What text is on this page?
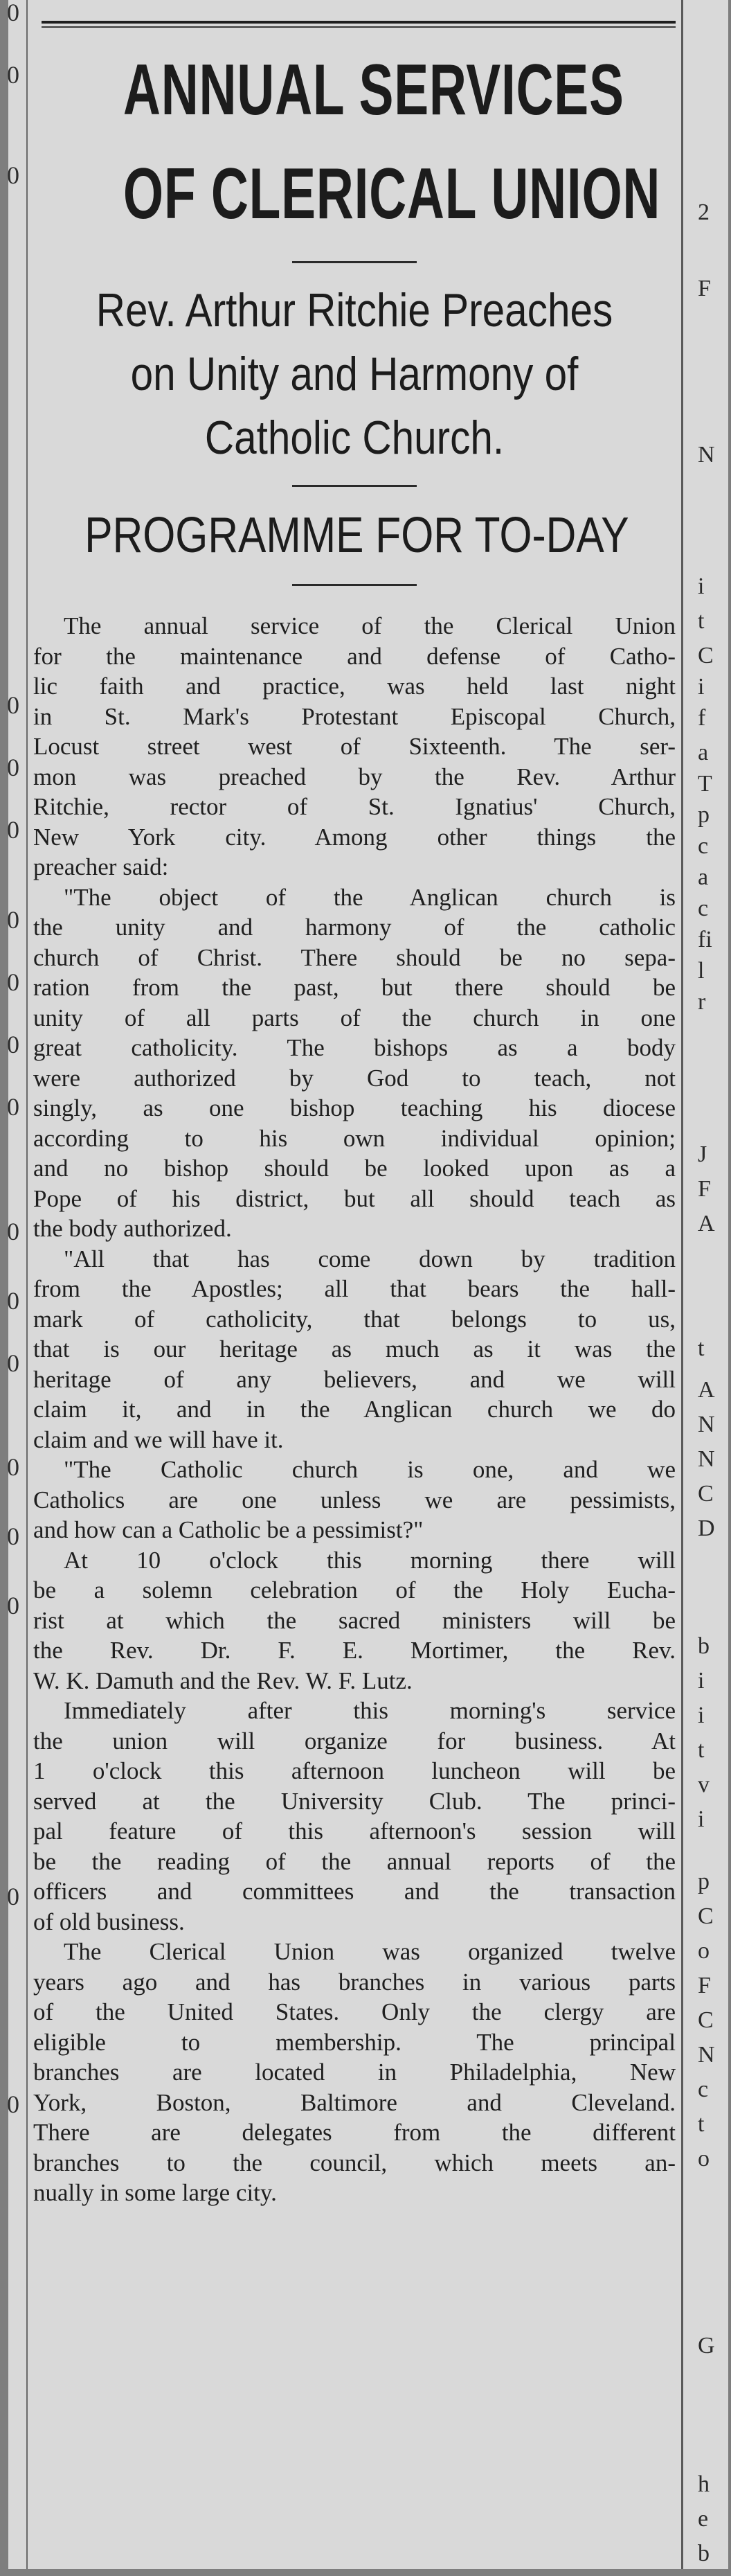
0
0
0
0
0
0
0
0
0
0
0
0
0
0
0
0
0
0
ANNUAL SERVICES
OF CLERICAL UNION
Rev. Arthur Ritchie Preaches
on Unity and Harmony of
Catholic Church.
PROGRAMME FOR TO-DAY
The annual service of the Clerical Union
for the maintenance and defense of Catho-
lic faith and practice, was held last night
in St. Mark's Protestant Episcopal Church,
Locust street west of Sixteenth. The ser-
mon was preached by the Rev. Arthur
Ritchie, rector of St. Ignatius' Church,
New York city. Among other things the
preacher said:
"The object of the Anglican church is
the unity and harmony of the catholic
church of Christ. There should be no sepa-
ration from the past, but there should be
unity of all parts of the church in one
great catholicity. The bishops as a body
were authorized by God to teach, not
singly, as one bishop teaching his diocese
according to his own individual opinion;
and no bishop should be looked upon as a
Pope of his district, but all should teach as
the body authorized.
"All that has come down by tradition
from the Apostles; all that bears the hall-
mark of catholicity, that belongs to us,
that is our heritage as much as it was the
heritage of any believers, and we will
claim it, and in the Anglican church we do
claim and we will have it.
"The Catholic church is one, and we
Catholics are one unless we are pessimists,
and how can a Catholic be a pessimist?"
At 10 o'clock this morning there will
be a solemn celebration of the Holy Eucha-
rist at which the sacred ministers will be
the Rev. Dr. F. E. Mortimer, the Rev.
W. K. Damuth and the Rev. W. F. Lutz.
Immediately after this morning's service
the union will organize for business. At
1 o'clock this afternoon luncheon will be
served at the University Club. The princi-
pal feature of this afternoon's session will
be the reading of the annual reports of the
officers and committees and the transaction
of old business.
The Clerical Union was organized twelve
years ago and has branches in various parts
of the United States. Only the clergy are
eligible to membership. The principal
branches are located in Philadelphia, New
York, Boston, Baltimore and Cleveland.
There are delegates from the different
branches to the council, which meets an-
nually in some large city.
2
F
N
i
t
C
i
f
a
T
p
c
a
c
fi
l
r
J
F
A
t
A
N
N
C
D
b
i
i
t
v
i
p
C
o
F
C
N
c
t
o
G
h
e
b
